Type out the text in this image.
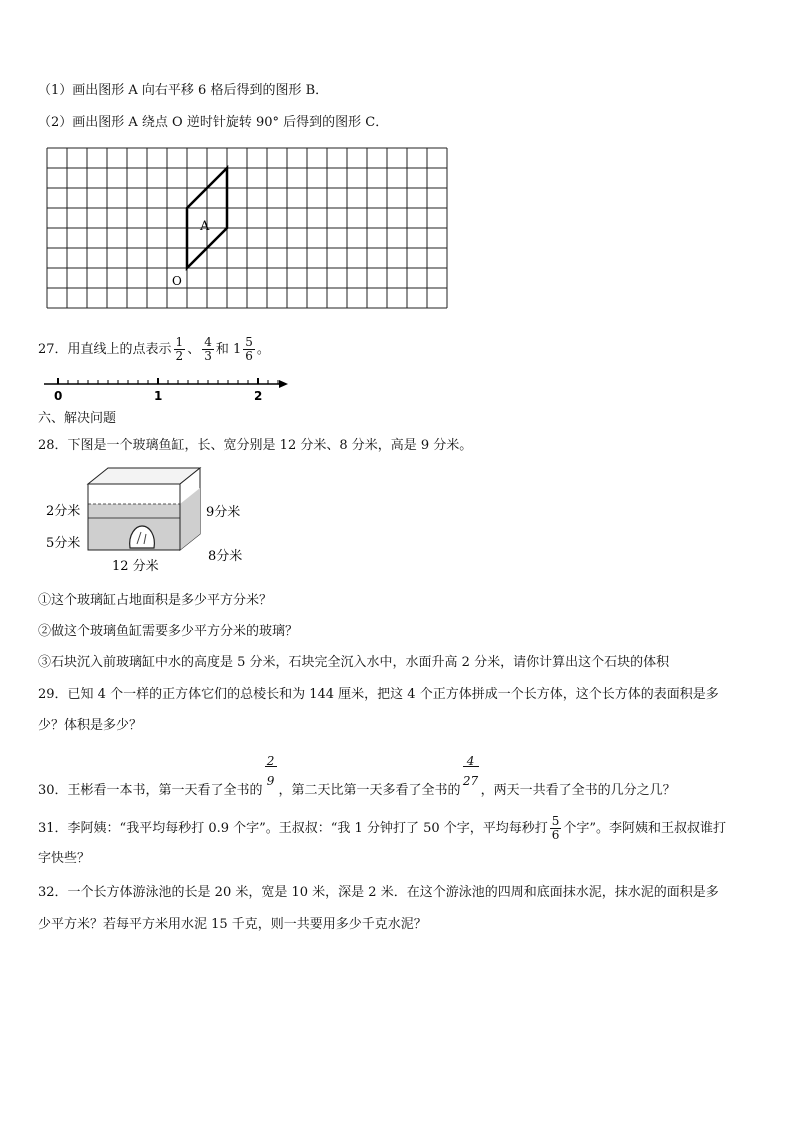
（1）画出图形 A 向右平移 6 格后得到的图形 B．
（2）画出图形 A 绕点 O 逆时针旋转 90° 后得到的图形 C．
A
O
27．用直线上的点表示 $\frac{1}{2}$ 、 $\frac{4}{3}$ 和 $1 \frac{5}{6}$ 。
0	1	2
六、解决问题
28．下图是一个玻璃鱼缸，长、宽分别是 12 分米、8 分米，高是 9 分米。
2分米
5分米
9分米
8分米
12 分米
①这个玻璃缸占地面积是多少平方分米？
②做这个玻璃鱼缸需要多少平方分米的玻璃？
③石块沉入前玻璃缸中水的高度是 5 分米，石块完全沉入水中，水面升高 2 分米，请你计算出这个石块的体积
29．已知 4 个一样的正方体它们的总棱长和为 144 厘米，把这 4 个正方体拼成一个长方体，这个长方体的表面积是多
少？体积是多少？
30．王彬看一本书，第一天看了全书的 $\frac{2}{9}$ ，第二天比第一天多看了全书的 $\frac{4}{27}$ ，两天一共看了全书的几分之几？
31．李阿姨：“我平均每秒打 0.9 个字”。王叔叔：“我 1 分钟打了 50 个字，平均每秒打 $\frac{5}{6}$ 个字”。李阿姨和王叔叔谁打
字快些？
32．一个长方体游泳池的长是 20 米，宽是 10 米，深是 2 米．在这个游泳池的四周和底面抹水泥，抹水泥的面积是多
少平方米？若每平方米用水泥 15 千克，则一共要用多少千克水泥？
